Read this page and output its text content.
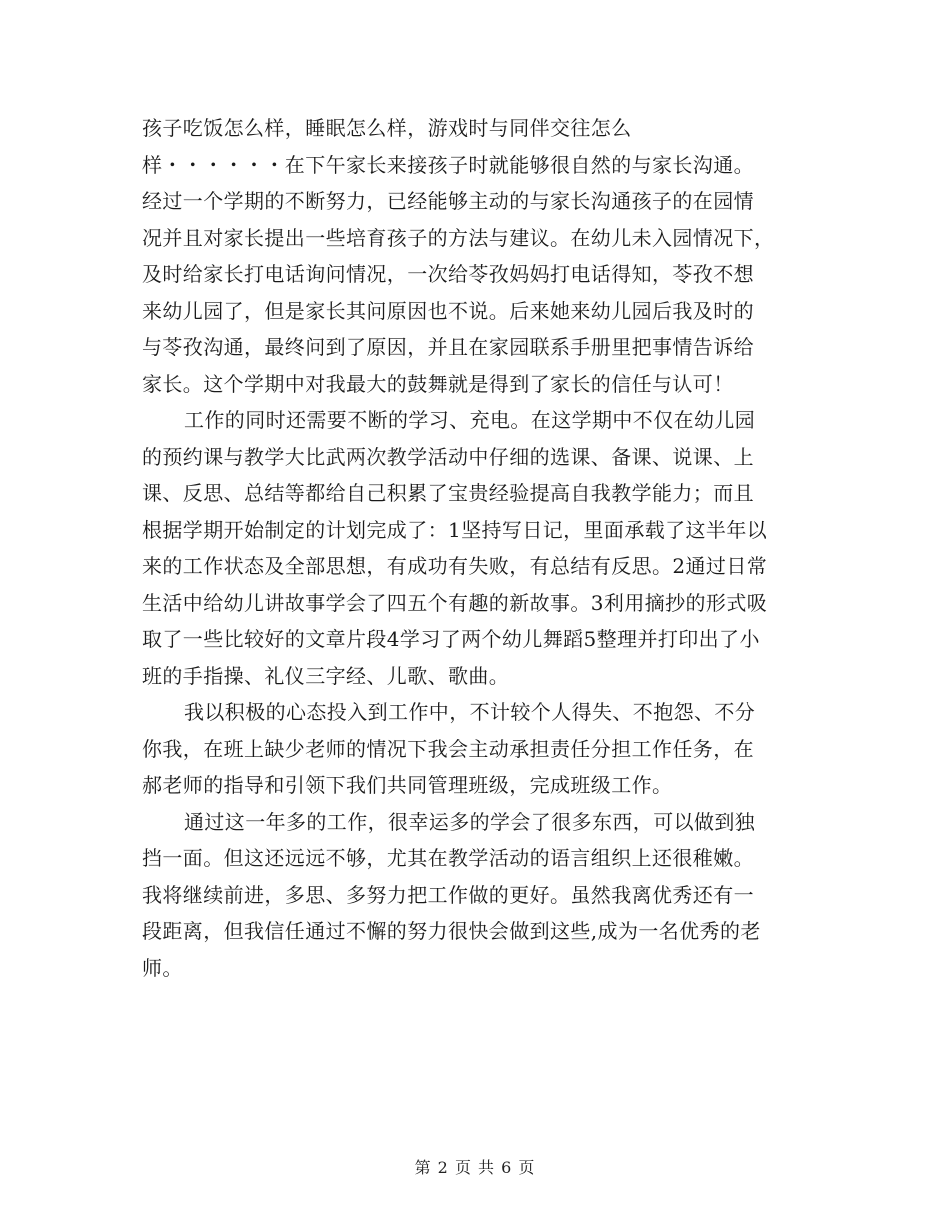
孩子吃饭怎么样，睡眠怎么样，游戏时与同伴交往怎么
样・・・・・・在下午家长来接孩子时就能够很自然的与家长沟通。
经过一个学期的不断努力，已经能够主动的与家长沟通孩子的在园情
况并且对家长提出一些培育孩子的方法与建议。在幼儿未入园情况下，
及时给家长打电话询问情况，一次给苓孜妈妈打电话得知，苓孜不想
来幼儿园了，但是家长其问原因也不说。后来她来幼儿园后我及时的
与苓孜沟通，最终问到了原因，并且在家园联系手册里把事情告诉给
家长。这个学期中对我最大的鼓舞就是得到了家长的信任与认可！
工作的同时还需要不断的学习、充电。在这学期中不仅在幼儿园
的预约课与教学大比武两次教学活动中仔细的选课、备课、说课、上
课、反思、总结等都给自己积累了宝贵经验提高自我教学能力；而且
根据学期开始制定的计划完成了：1坚持写日记，里面承载了这半年以
来的工作状态及全部思想，有成功有失败，有总结有反思。2通过日常
生活中给幼儿讲故事学会了四五个有趣的新故事。3利用摘抄的形式吸
取了一些比较好的文章片段4学习了两个幼儿舞蹈5整理并打印出了小
班的手指操、礼仪三字经、儿歌、歌曲。
我以积极的心态投入到工作中，不计较个人得失、不抱怨、不分
你我，在班上缺少老师的情况下我会主动承担责任分担工作任务，在
郝老师的指导和引领下我们共同管理班级，完成班级工作。
通过这一年多的工作，很幸运多的学会了很多东西，可以做到独
挡一面。但这还远远不够，尤其在教学活动的语言组织上还很稚嫩。
我将继续前进，多思、多努力把工作做的更好。虽然我离优秀还有一
段距离，但我信任通过不懈的努力很快会做到这些,成为一名优秀的老
师。
第 2 页 共 6 页
